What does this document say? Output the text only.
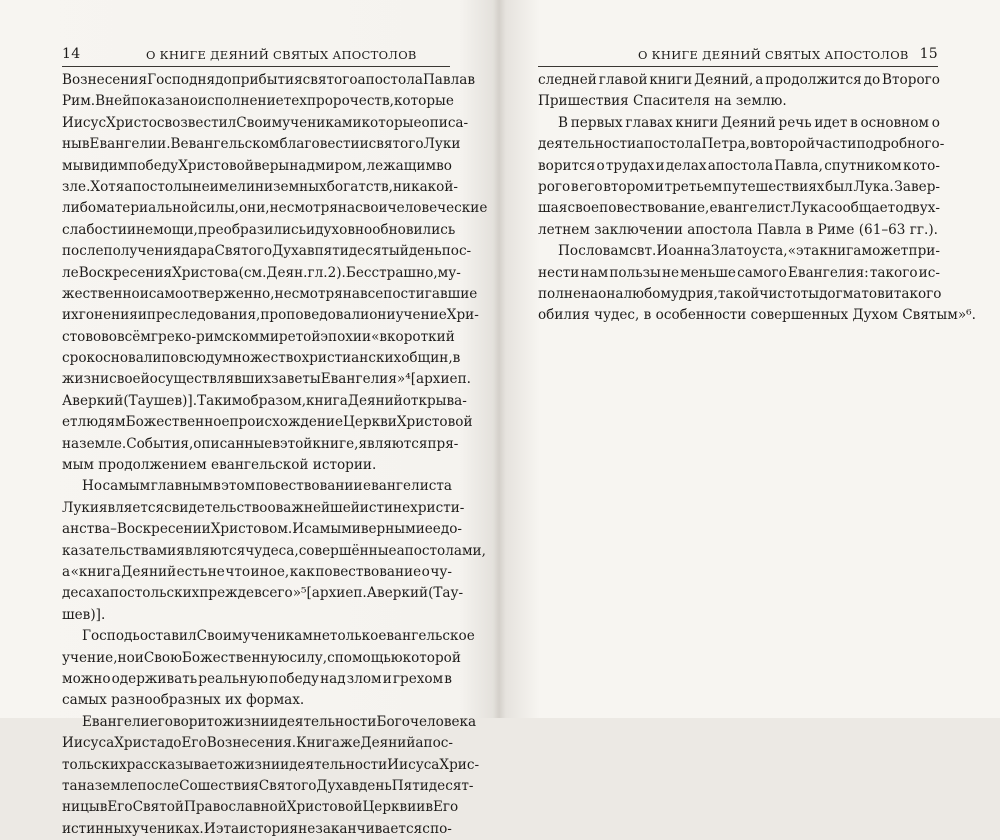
14	О КНИГЕ ДЕЯНИЙ СВЯТЫХ АПОСТОЛОВ
Вознесения Господня до прибытия святого апостола Павла в
Рим. В ней показано исполнение тех пророчеств, которые
Иисус Христос возвестил Своим ученикам и которые описа-
ны в Евангелии. В евангельском благовестии святого Луки
мы видим победу Христовой веры над миром, лежащим во
зле. Хотя апостолы не имели ни земных богатств, ни какой-
либо материальной силы, они, несмотря на свои человеческие
слабости и немощи, преобразились и духовно обновились
после получения дара Святого Духа в пятидесятый день пос-
ле Воскресения Христова (см. Деян. гл. 2). Бесстрашно, му-
жественно и самоотверженно, несмотря на все постигавшие
их гонения и преследования, проповедовали они учение Хри-
стово во всём греко-римском мире той эпохи и «в короткий
срок основали повсюду множество христианских общин, в
жизни своей осуществлявших заветы Евангелия»⁴ [архиеп.
Аверкий (Таушев)]. Таким образом, книга Деяний открыва-
ет людям Божественное происхождение Церкви Христовой
на земле. События, описанные в этой книге, являются пря-
мым продолжением евангельской истории.
Но самым главным в этом повествовании евангелиста
Луки является свидетельство о важнейшей истине христи-
анства – Воскресении Христовом. И самыми верными ее до-
казательствами являются чудеса, совершённые апостолами,
а «книга Деяний есть не что иное, как повествование о чу-
десах апостольских прежде всего»⁵ [архиеп. Аверкий (Тау-
шев)].
Господь оставил Своим ученикам не только евангельское
учение, но и Свою Божественную силу, с помощью которой
можно одерживать реальную победу над злом и грехом в
самых разнообразных их формах.
Евангелие говорит о жизни и деятельности Богочеловека
Иисуса Христа до Его Вознесения. Книга же Деяний апос-
тольских рассказывает о жизни и деятельности Иисуса Хрис-
та на земле после Сошествия Святого Духа в день Пятидесят-
ницы в Его Святой Православной Христовой Церкви и в Его
истинных учениках. И эта история не заканчивается с по-
О КНИГЕ ДЕЯНИЙ СВЯТЫХ АПОСТОЛОВ 15
следней главой книги Деяний, а продолжится до Второго
Пришествия Спасителя на землю.
В первых главах книги Деяний речь идет в основном о
деятельности апостола Петра, во второй части подробно го-
ворится о трудах и делах апостола Павла, спутником кото-
рого в его втором и третьем путешествиях был Лука. Завер-
шая свое повествование, евангелист Лука сообщает о двух-
летнем заключении апостола Павла в Риме (61–63 гг.).
По словам свт. Иоанна Златоуста, «эта книга может при-
нести нам пользы не меньше самого Евангелия: такого ис-
полнена она любомудрия, такой чистоты догматов и такого
обилия чудес, в особенности совершенных Духом Святым»⁶.
